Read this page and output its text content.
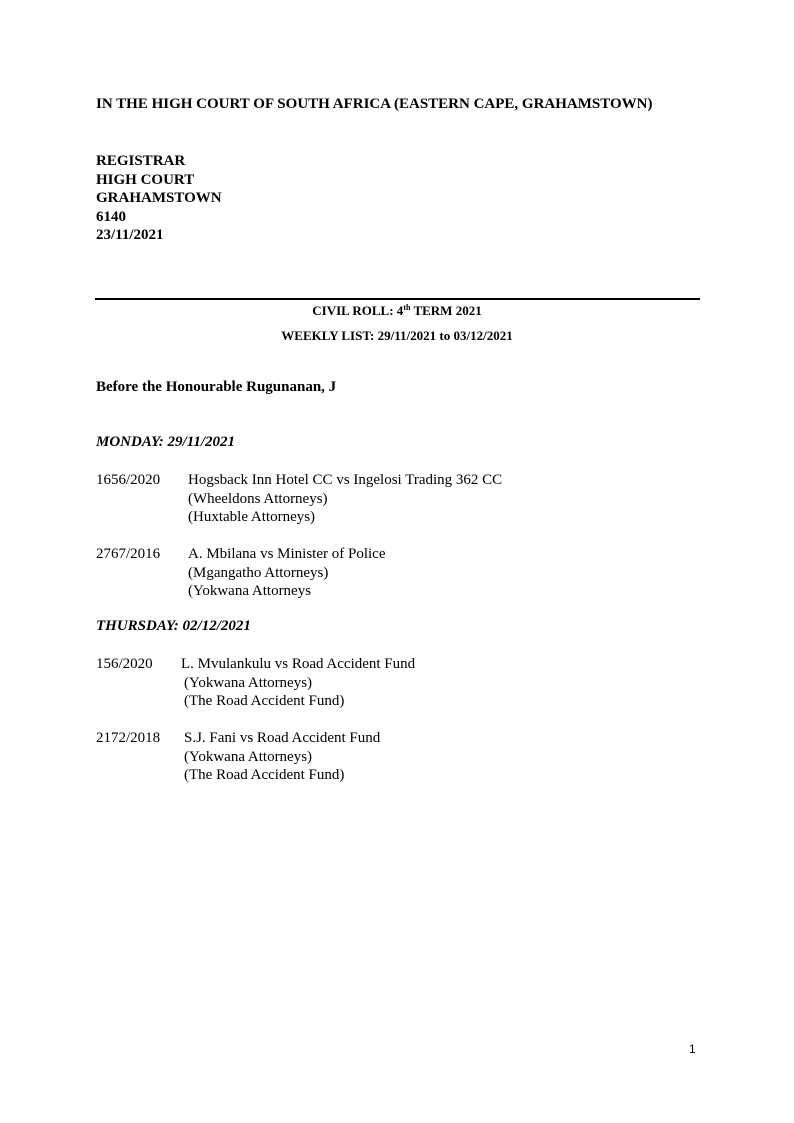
IN THE HIGH COURT OF SOUTH AFRICA (EASTERN CAPE, GRAHAMSTOWN)
REGISTRAR
HIGH COURT
GRAHAMSTOWN
6140
23/11/2021
CIVIL ROLL: 4th TERM 2021
WEEKLY LIST: 29/11/2021 to 03/12/2021
Before the Honourable Rugunanan, J
MONDAY: 29/11/2021
1656/2020 Hogsback Inn Hotel CC vs Ingelosi Trading 362 CC
(Wheeldons Attorneys)
(Huxtable Attorneys)
2767/2016 A. Mbilana vs Minister of Police
(Mgangatho Attorneys)
(Yokwana Attorneys
THURSDAY: 02/12/2021
156/2020 L. Mvulankulu vs Road Accident Fund
(Yokwana Attorneys)
(The Road Accident Fund)
2172/2018 S.J. Fani vs Road Accident Fund
(Yokwana Attorneys)
(The Road Accident Fund)
1
